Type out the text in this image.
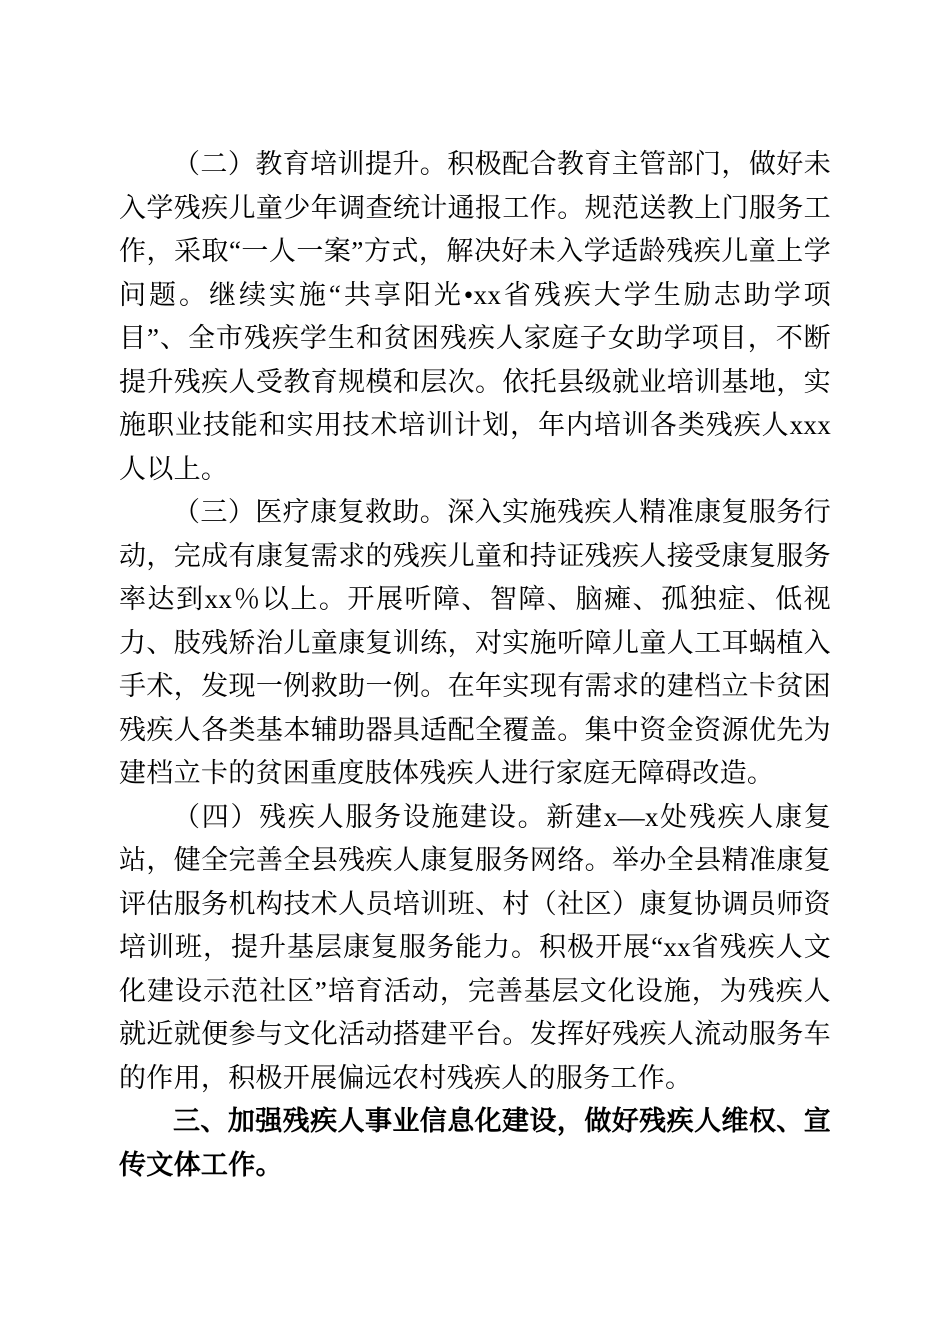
（二）教育培训提升。积极配合教育主管部门，做好未入学残疾儿童少年调查统计通报工作。规范送教上门服务工作，采取“一人一案”方式，解决好未入学适龄残疾儿童上学问题。继续实施“共享阳光•xx省残疾大学生励志助学项目”、全市残疾学生和贫困残疾人家庭子女助学项目，不断提升残疾人受教育规模和层次。依托县级就业培训基地，实施职业技能和实用技术培训计划，年内培训各类残疾人xxx人以上。

（三）医疗康复救助。深入实施残疾人精准康复服务行动，完成有康复需求的残疾儿童和持证残疾人接受康复服务率达到xx％以上。开展听障、智障、脑瘫、孤独症、低视力、肢残矫治儿童康复训练，对实施听障儿童人工耳蜗植入手术，发现一例救助一例。在年实现有需求的建档立卡贫困残疾人各类基本辅助器具适配全覆盖。集中资金资源优先为建档立卡的贫困重度肢体残疾人进行家庭无障碍改造。

（四）残疾人服务设施建设。新建x—x处残疾人康复站，健全完善全县残疾人康复服务网络。举办全县精准康复评估服务机构技术人员培训班、村（社区）康复协调员师资培训班，提升基层康复服务能力。积极开展“xx省残疾人文化建设示范社区”培育活动，完善基层文化设施，为残疾人就近就便参与文化活动搭建平台。发挥好残疾人流动服务车的作用，积极开展偏远农村残疾人的服务工作。

三、加强残疾人事业信息化建设，做好残疾人维权、宣传文体工作。
